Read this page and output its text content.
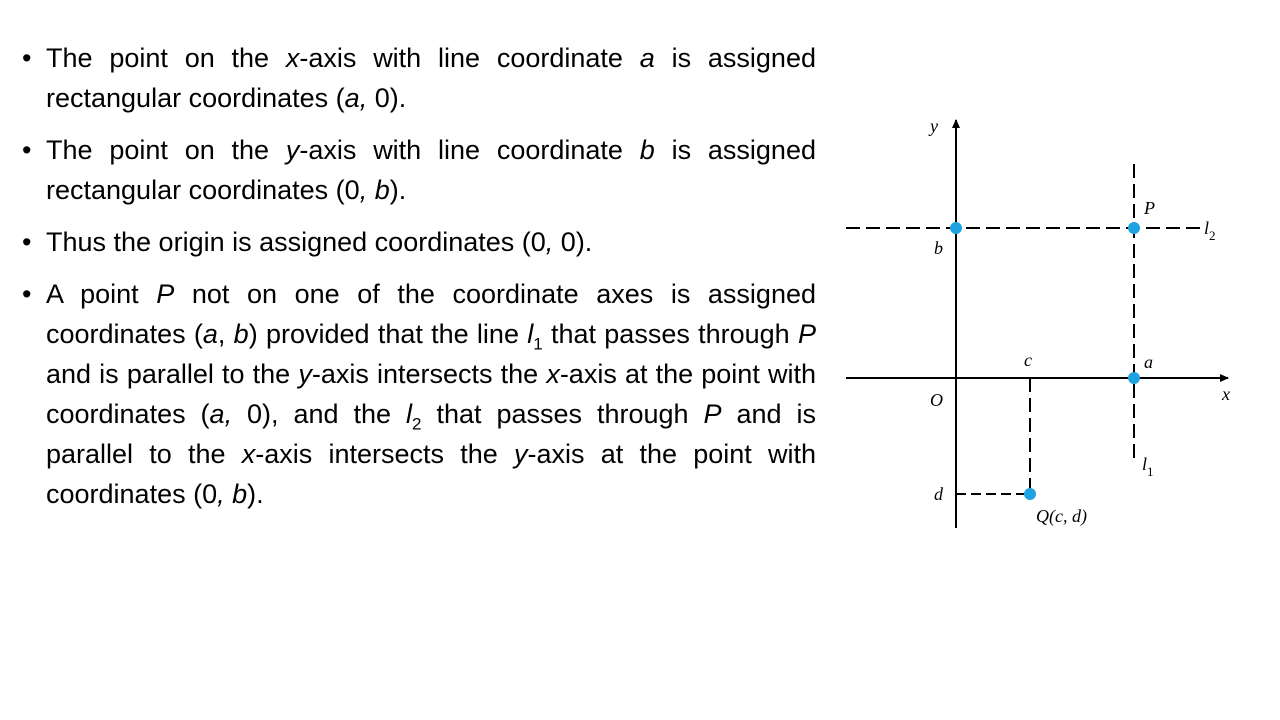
• The point on the x-axis with line coordinate a is assigned rectangular coordinates (a, 0).
• The point on the y-axis with line coordinate b is assigned rectangular coordinates (0, b).
• Thus the origin is assigned coordinates (0, 0).
• A point P not on one of the coordinate axes is assigned coordinates (a, b) provided that the line $l_1$ that passes through P and is parallel to the y-axis intersects the x-axis at the point with coordinates (a, 0), and the $l_2$ that passes through P and is parallel to the x-axis intersects the y-axis at the point with coordinates (0, b).
y
x
O
b
P
a
c
d
Q(c, d)
$l_2$
$l_1$
